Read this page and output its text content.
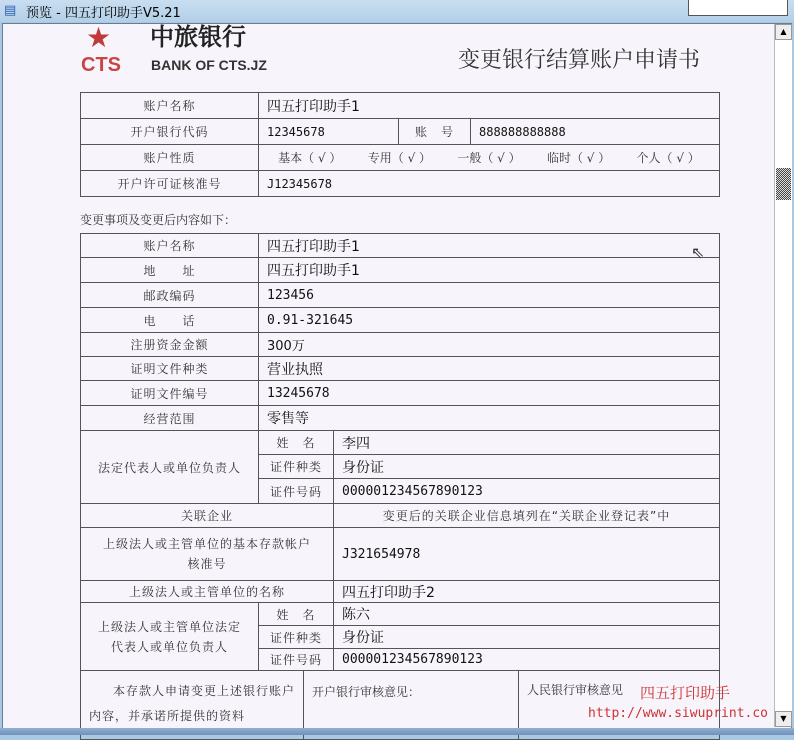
▤ 预览 - 四五打印助手V5.21
★
CTS
中旅银行
BANK OF CTS.JZ	变更银行结算账户申请书
账户名称	四五打印助手1
开户银行代码	12345678	账　号	888888888888
账户性质	基本（ √ ） 专用（ √ ） 一般（ √ ） 临时（ √ ） 个人（ √ ）
开户许可证核准号	J12345678
变更事项及变更后内容如下：
账户名称	四五打印助手1
地　　址	四五打印助手1
邮政编码	123456
电　　话	0.91-321645
注册资金金额	300万
证明文件种类	营业执照
证明文件编号	13245678
经营范围	零售等
法定代表人或单位负责人
姓　名	李四
证件种类	身份证
证件号码	000001234567890123
关联企业	变更后的关联企业信息填列在“关联企业登记表”中
上级法人或主管单位的基本存款帐户核准号
J321654978
上级法人或主管单位的名称	四五打印助手2
上级法人或主管单位法定代表人或单位负责人
姓　名	陈六
证件种类	身份证
证件号码	000001234567890123
本存款人申请变更上述银行账户内容，并承诺所提供的资料
开户银行审核意见：	人民银行审核意见	四五打印助手
http://www.siwuprint.co
⇖
▲
▼
